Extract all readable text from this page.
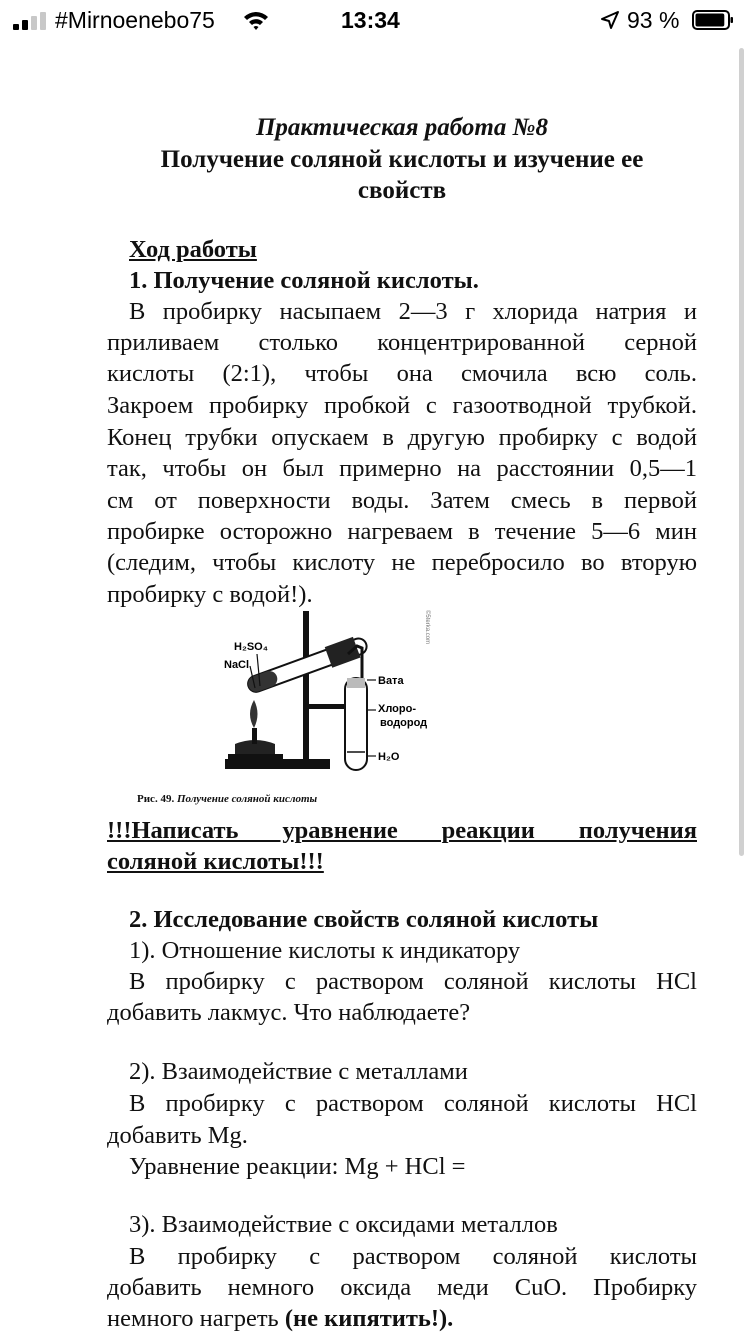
#Mirnoenebo75	13:34	93 %
Практическая работа №8
Получение соляной кислоты и изучение ее
свойств
Ход работы
1. Получение соляной кислоты.
В пробирку насыпаем 2—3 г хлорида натрия и
приливаем столько концентрированной серной
кислоты (2:1), чтобы она смочила всю соль.
Закроем пробирку пробкой с газоотводной трубкой.
Конец трубки опускаем в другую пробирку с водой
так, чтобы он был примерно на расстоянии 0,5—1
см от поверхности воды. Затем смесь в первой
пробирке осторожно нагреваем в течение 5—6 мин
(следим, чтобы кислоту не перебросило во вторую
пробирку с водой!).
H₂SO₄
NaCl
Вата
Хлоро-
водород
H₂O
©5terka.com
Рис. 49. Получение соляной кислоты
!!!Написать уравнение реакции получения
соляной кислоты!!!
2. Исследование свойств соляной кислоты
1). Отношение кислоты к индикатору
В пробирку с раствором соляной кислоты HCl
добавить лакмус. Что наблюдаете?
2). Взаимодействие с металлами
В пробирку с раствором соляной кислоты HCl
добавить Mg.
Уравнение реакции: Mg + HCl =
3). Взаимодействие с оксидами металлов
В пробирку с раствором соляной кислоты
добавить немного оксида меди CuO. Пробирку
немного нагреть (не кипятить!).
